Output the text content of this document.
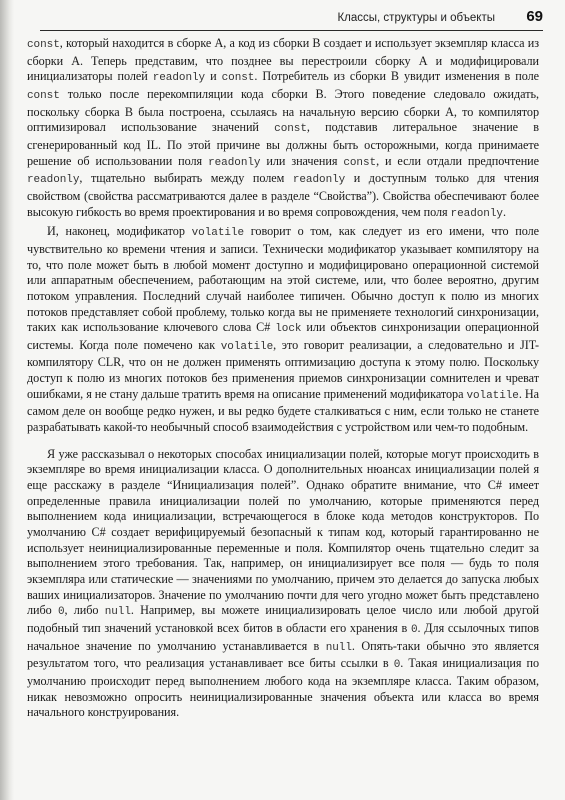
Классы, структуры и объекты 69

const, который находится в сборке А, а код из сборки В создает и использует экземпляр класса из сборки А. Теперь представим, что позднее вы перестроили сборку А и модифицировали инициализаторы полей readonly и const. Потребитель из сборки В увидит изменения в поле const только после перекомпиляции кода сборки В. Этого поведение следовало ожидать, поскольку сборка В была построена, ссылаясь на начальную версию сборки А, то компилятор оптимизировал использование значений const, подставив литеральное значение в сгенерированный код IL. По этой причине вы должны быть осторожными, когда принимаете решение об использовании поля readonly или значения const, и если отдали предпочтение readonly, тщательно выбирать между полем readonly и доступным только для чтения свойством (свойства рассматриваются далее в разделе “Свойства”). Свойства обеспечивают более высокую гибкость во время проектирования и во время сопровождения, чем поля readonly.

И, наконец, модификатор volatile говорит о том, как следует из его имени, что поле чувствительно ко времени чтения и записи. Технически модификатор указывает компилятору на то, что поле может быть в любой момент доступно и модифицировано операционной системой или аппаратным обеспечением, работающим на этой системе, или, что более вероятно, другим потоком управления. Последний случай наиболее типичен. Обычно доступ к полю из многих потоков представляет собой проблему, только когда вы не применяете технологий синхронизации, таких как использование ключевого слова C# lock или объектов синхронизации операционной системы. Когда поле помечено как volatile, это говорит реализации, а следовательно и JIT-компилятору CLR, что он не должен применять оптимизацию доступа к этому полю. Поскольку доступ к полю из многих потоков без применения приемов синхронизации сомнителен и чреват ошибками, я не стану дальше тратить время на описание применений модификатора volatile. На самом деле он вообще редко нужен, и вы редко будете сталкиваться с ним, если только не станете разрабатывать какой-то необычный способ взаимодействия с устройством или чем-то подобным.

Я уже рассказывал о некоторых способах инициализации полей, которые могут происходить в экземпляре во время инициализации класса. О дополнительных нюансах инициализации полей я еще расскажу в разделе “Инициализация полей”. Однако обратите внимание, что C# имеет определенные правила инициализации полей по умолчанию, которые применяются перед выполнением кода инициализации, встречающегося в блоке кода методов конструкторов. По умолчанию C# создает верифицируемый безопасный к типам код, который гарантированно не использует неинициализированные переменные и поля. Компилятор очень тщательно следит за выполнением этого требования. Так, например, он инициализирует все поля — будь то поля экземпляра или статические — значениями по умолчанию, причем это делается до запуска любых ваших инициализаторов. Значение по умолчанию почти для чего угодно может быть представлено либо 0, либо null. Например, вы можете инициализировать целое число или любой другой подобный тип значений установкой всех битов в области его хранения в 0. Для ссылочных типов начальное значение по умолчанию устанавливается в null. Опять-таки обычно это является результатом того, что реализация устанавливает все биты ссылки в 0. Такая инициализация по умолчанию происходит перед выполнением любого кода на экземпляре класса. Таким образом, никак невозможно опросить неинициализированные значения объекта или класса во время начального конструирования.
